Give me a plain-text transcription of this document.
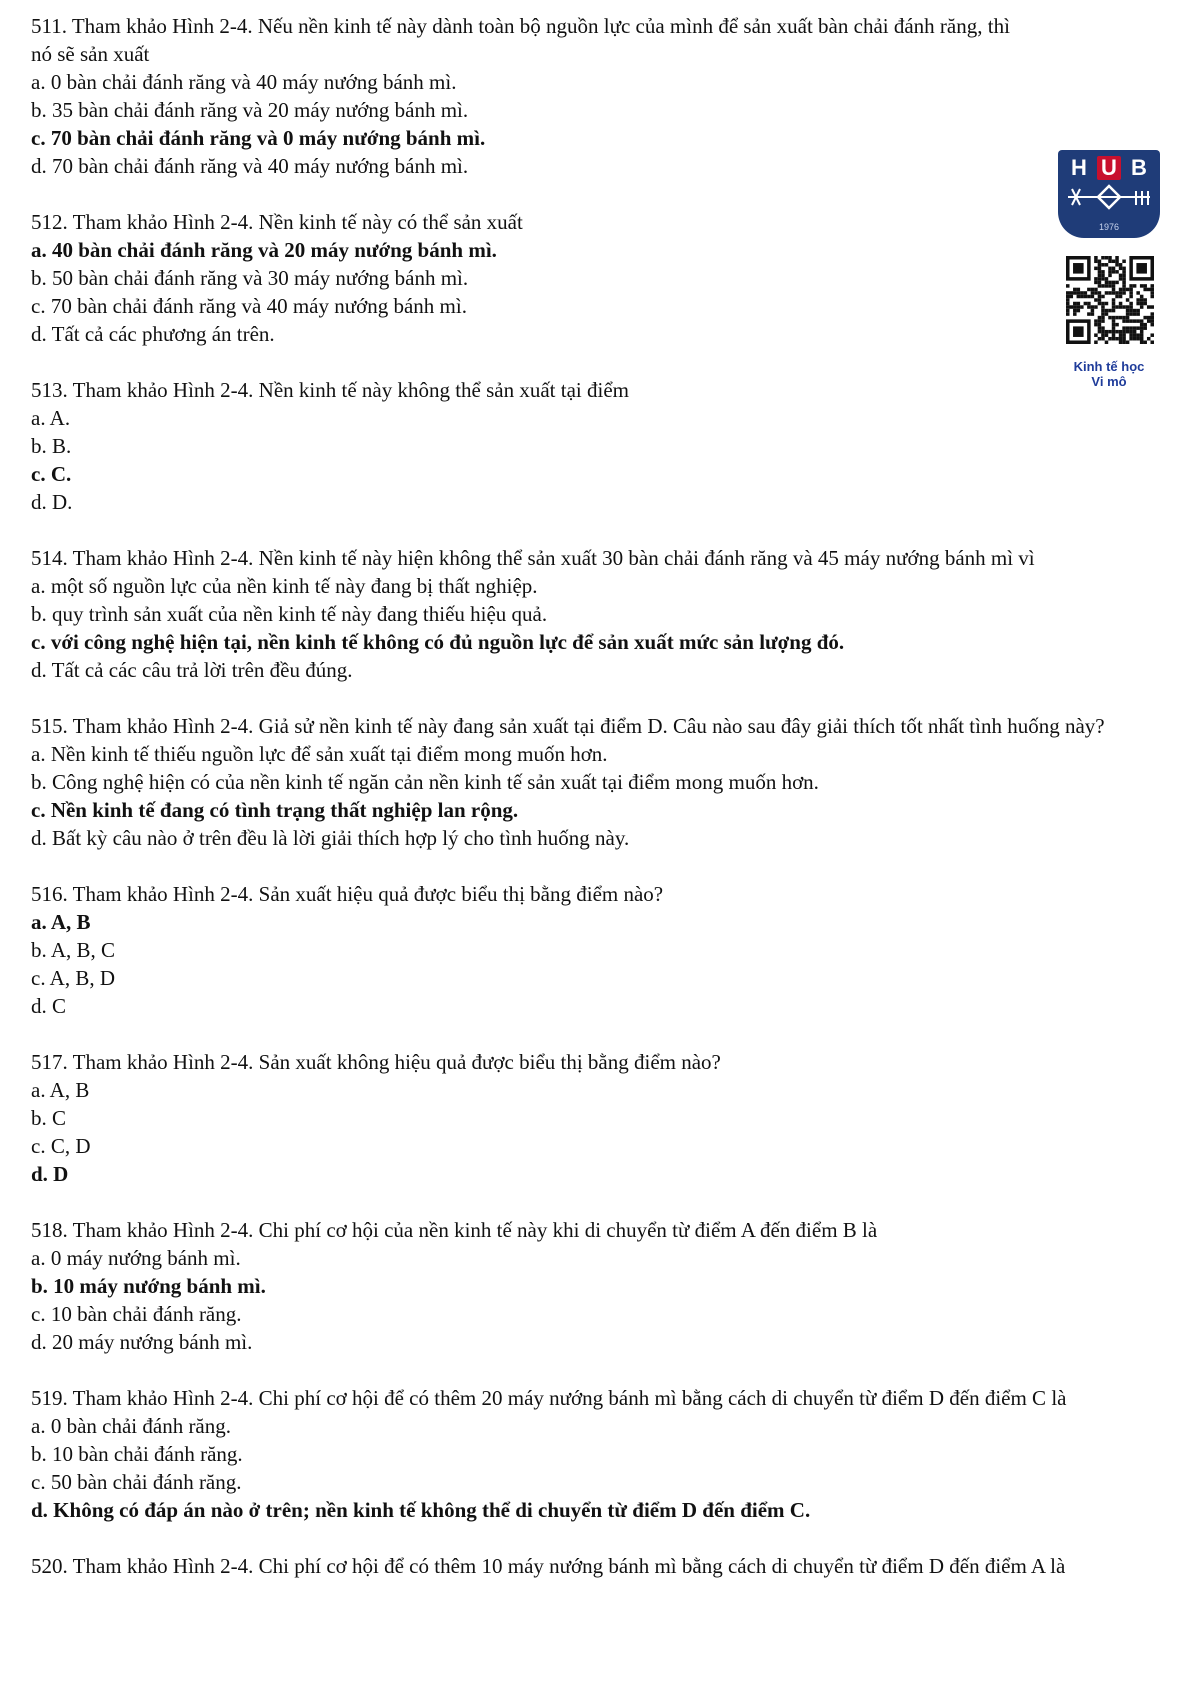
511. Tham khảo Hình 2-4. Nếu nền kinh tế này dành toàn bộ nguồn lực của mình để sản xuất bàn chải đánh răng, thì nó sẽ sản xuất

a. 0 bàn chải đánh răng và 40 máy nướng bánh mì.

b. 35 bàn chải đánh răng và 20 máy nướng bánh mì.

c. 70 bàn chải đánh răng và 0 máy nướng bánh mì.

d. 70 bàn chải đánh răng và 40 máy nướng bánh mì.

512. Tham khảo Hình 2-4. Nền kinh tế này có thể sản xuất

a. 40 bàn chải đánh răng và 20 máy nướng bánh mì.

b. 50 bàn chải đánh răng và 30 máy nướng bánh mì.

c. 70 bàn chải đánh răng và 40 máy nướng bánh mì.

d. Tất cả các phương án trên.

513. Tham khảo Hình 2-4. Nền kinh tế này không thể sản xuất tại điểm

a. A.

b. B.

c. C.

d. D.

514. Tham khảo Hình 2-4. Nền kinh tế này hiện không thể sản xuất 30 bàn chải đánh răng và 45 máy nướng bánh mì vì

a. một số nguồn lực của nền kinh tế này đang bị thất nghiệp.

b. quy trình sản xuất của nền kinh tế này đang thiếu hiệu quả.

c. với công nghệ hiện tại, nền kinh tế không có đủ nguồn lực để sản xuất mức sản lượng đó.

d. Tất cả các câu trả lời trên đều đúng.

515. Tham khảo Hình 2-4. Giả sử nền kinh tế này đang sản xuất tại điểm D. Câu nào sau đây giải thích tốt nhất tình huống này?

a. Nền kinh tế thiếu nguồn lực để sản xuất tại điểm mong muốn hơn.

b. Công nghệ hiện có của nền kinh tế ngăn cản nền kinh tế sản xuất tại điểm mong muốn hơn.

c. Nền kinh tế đang có tình trạng thất nghiệp lan rộng.

d. Bất kỳ câu nào ở trên đều là lời giải thích hợp lý cho tình huống này.

516. Tham khảo Hình 2-4. Sản xuất hiệu quả được biểu thị bằng điểm nào?

a. A, B

b. A, B, C

c. A, B, D

d. C

517. Tham khảo Hình 2-4. Sản xuất không hiệu quả được biểu thị bằng điểm nào?

a. A, B

b. C

c. C, D

d. D

518. Tham khảo Hình 2-4. Chi phí cơ hội của nền kinh tế này khi di chuyển từ điểm A đến điểm B là

a. 0 máy nướng bánh mì.

b. 10 máy nướng bánh mì.

c. 10 bàn chải đánh răng.

d. 20 máy nướng bánh mì.

519. Tham khảo Hình 2-4. Chi phí cơ hội để có thêm 20 máy nướng bánh mì bằng cách di chuyển từ điểm D đến điểm C là

a. 0 bàn chải đánh răng.

b. 10 bàn chải đánh răng.

c. 50 bàn chải đánh răng.

d. Không có đáp án nào ở trên; nền kinh tế không thể di chuyển từ điểm D đến điểm C.

520. Tham khảo Hình 2-4. Chi phí cơ hội để có thêm 10 máy nướng bánh mì bằng cách di chuyển từ điểm D đến điểm A là

H U B
1976
Kinh tế học
Vi mô
